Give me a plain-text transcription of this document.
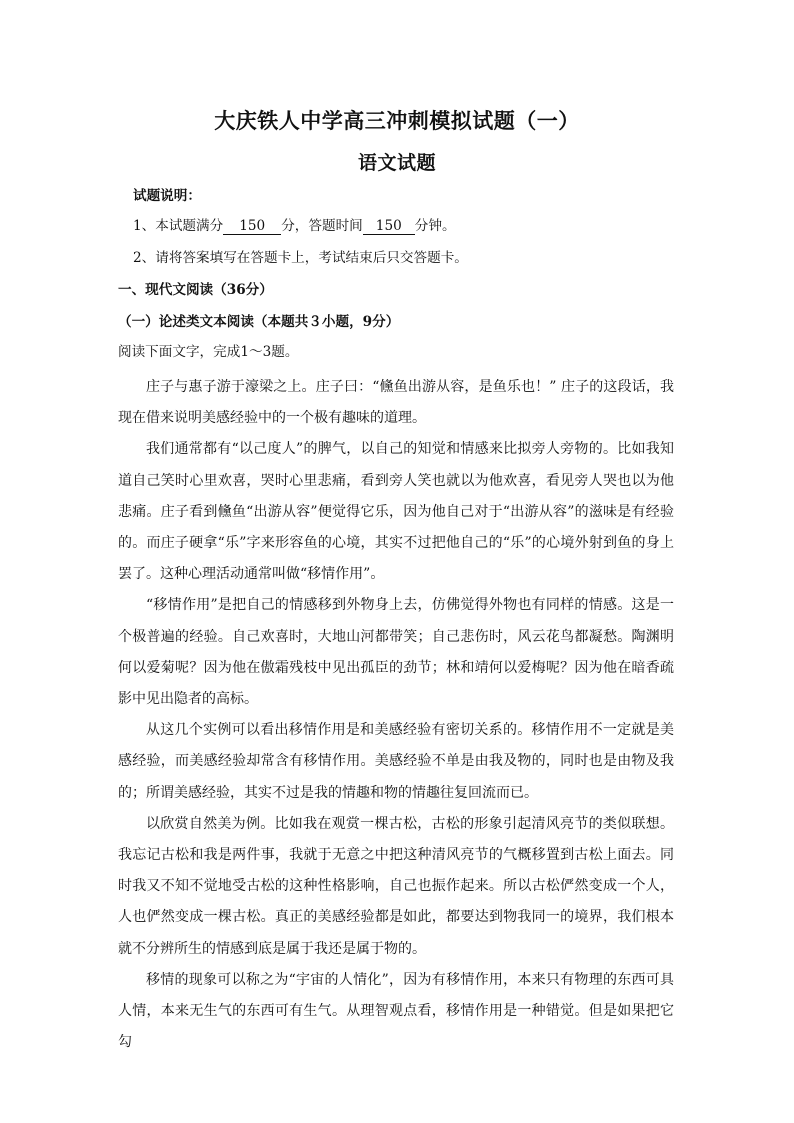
大庆铁人中学高三冲刺模拟试题（一）
语文试题
试题说明：
1、本试题满分 150 分，答题时间 150 分钟。
2、请将答案填写在答题卡上，考试结束后只交答题卡。
一、现代文阅读（36分）
（一）论述类文本阅读（本题共３小题，9分）
阅读下面文字，完成1～3题。

庄子与惠子游于濠梁之上。庄子曰：“儵鱼出游从容，是鱼乐也！” 庄子的这段话，我现在借来说明美感经验中的一个极有趣味的道理。

我们通常都有“以己度人”的脾气，以自己的知觉和情感来比拟旁人旁物的。比如我知道自己笑时心里欢喜，哭时心里悲痛，看到旁人笑也就以为他欢喜，看见旁人哭也以为他悲痛。庄子看到儵鱼“出游从容”便觉得它乐，因为他自己对于“出游从容”的滋味是有经验的。而庄子硬拿“乐”字来形容鱼的心境，其实不过把他自己的“乐”的心境外射到鱼的身上罢了。这种心理活动通常叫做“移情作用”。

“移情作用”是把自己的情感移到外物身上去，仿佛觉得外物也有同样的情感。这是一个极普遍的经验。自己欢喜时，大地山河都带笑；自己悲伤时，风云花鸟都凝愁。陶渊明何以爱菊呢？因为他在傲霜残枝中见出孤臣的劲节；林和靖何以爱梅呢？因为他在暗香疏影中见出隐者的高标。

从这几个实例可以看出移情作用是和美感经验有密切关系的。移情作用不一定就是美感经验，而美感经验却常含有移情作用。美感经验不单是由我及物的，同时也是由物及我的；所谓美感经验，其实不过是我的情趣和物的情趣往复回流而已。

以欣赏自然美为例。比如我在观赏一棵古松，古松的形象引起清风亮节的类似联想。我忘记古松和我是两件事，我就于无意之中把这种清风亮节的气概移置到古松上面去。同时我又不知不觉地受古松的这种性格影响，自己也振作起来。所以古松俨然变成一个人，人也俨然变成一棵古松。真正的美感经验都是如此，都要达到物我同一的境界，我们根本就不分辨所生的情感到底是属于我还是属于物的。

移情的现象可以称之为“宇宙的人情化”，因为有移情作用，本来只有物理的东西可具人情，本来无生气的东西可有生气。从理智观点看，移情作用是一种错觉。但是如果把它勾
